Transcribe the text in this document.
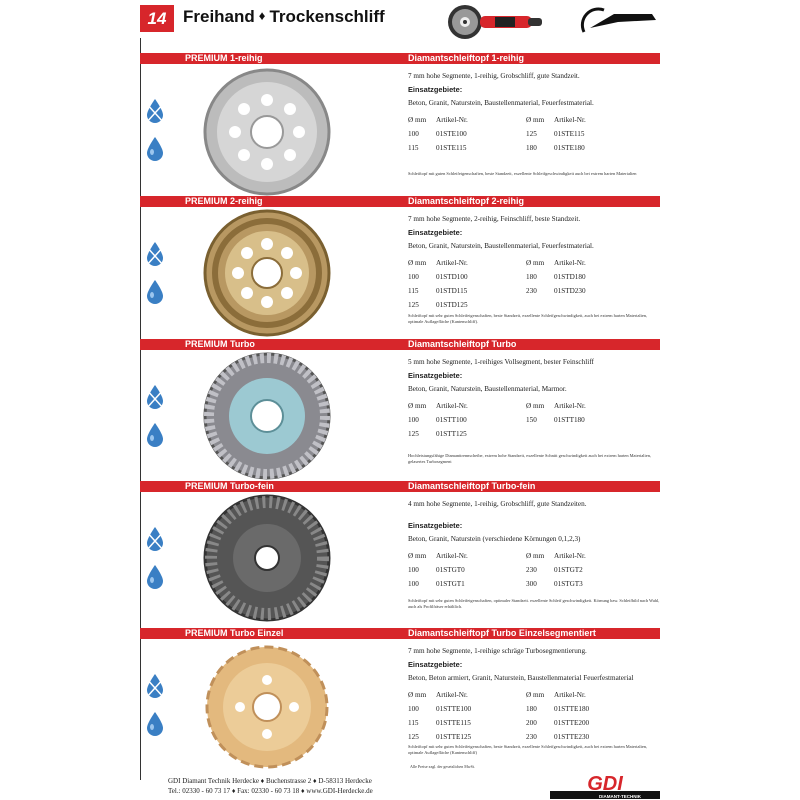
14 Freihand ♦ Trockenschliff
PREMIUM 1-reihig	Diamantschleiftopf 1-reihig
7 mm hohe Segmente, 1-reihig, Grobschliff, gute Standzeit.
Einsatzgebiete:
Beton, Granit, Naturstein, Baustellenmaterial, Feuerfestmaterial.
Ø mm	Artikel-Nr.	Ø mm	Artikel-Nr.
100	01STE100	125	01STE115
115	01STE115	180	01STE180
Schleiftopf mit guten Schleifeigenschaften, beste Standzeit, exzellente Schleifgeschwindigkeit auch bei extrem harten Materialien
PREMIUM 2-reihig	Diamantschleiftopf 2-reihig
7 mm hohe Segmente, 2-reihig, Feinschliff, beste Standzeit.
Einsatzgebiete:
Beton, Granit, Naturstein, Baustellenmaterial, Feuerfestmaterial.
Ø mm	Artikel-Nr.	Ø mm	Artikel-Nr.
100	01STD100	180	01STD180
115	01STD115	230	01STD230
125	01STD125
Schleiftopf mit sehr guten Schleifeigenschaften, beste Standzeit, exzellente Schleifgeschwindigkeit, auch bei extrem harten Materialien, optimale Auflagefläche (Kantenschliff).
PREMIUM Turbo	Diamantschleiftopf Turbo
5 mm hohe Segmente, 1-reihiges Vollsegment, bester Feinschliff
Einsatzgebiete:
Beton, Granit, Naturstein, Baustellenmaterial, Marmor.
Ø mm	Artikel-Nr.	Ø mm	Artikel-Nr.
100	01STT100	150	01STT180
125	01STT125
Hochleistungsfähige Diamanttrennscheibe, extrem hohe Standzeit, exzellente Schnitt geschwindigkeit auch bei extrem harten Materialien, gelasertes Turbosegment
PREMIUM Turbo-fein	Diamantschleiftopf Turbo-fein
4 mm hohe Segmente, 1-reihig, Grobschliff, gute Standzeiten.
Einsatzgebiete:
Beton, Granit, Naturstein (verschiedene Körnungen 0,1,2,3)
Ø mm	Artikel-Nr.	Ø mm	Artikel-Nr.
100	01STGT0	230	01STGT2
100	01STGT1	300	01STGT3
Schleiftopf mit sehr guten Schleifeigenschaften, optimaler Standzeit. exzellente Schleif geschwindigkeit. Körnung bzw. Schleifbild nach Wahl, auch als Profilfräser erhältlich.
PREMIUM Turbo Einzel	Diamantschleiftopf Turbo Einzelsegmentiert
7 mm hohe Segmente, 1-reihige schräge Turbosegmentierung.
Einsatzgebiete:
Beton, Beton armiert, Granit, Naturstein, Baustellenmaterial Feuerfestmaterial
Ø mm	Artikel-Nr.	Ø mm	Artikel-Nr.
100	01STTE100	180	01STTE180
115	01STTE115	200	01STTE200
125	01STTE125	230	01STTE230
Schleiftopf mit sehr guten Schleifeigenschaften, beste Standzeit, exzellente Schleifgeschwindigkeit, auch bei extrem harten Materialien, optimale Auflagefläche (Kantenschliff)
Alle Preise zzgl. der gesetzlichen MwSt.
GDI Diamant Technik Herdecke ♦ Buchenstrasse 2 ♦ D-58313 Herdecke
Tel.: 02330 - 60 73 17 ♦ Fax: 02330 - 60 73 18 ♦ www.GDI-Herdecke.de	GDI
DIAMANT-TECHNIK
